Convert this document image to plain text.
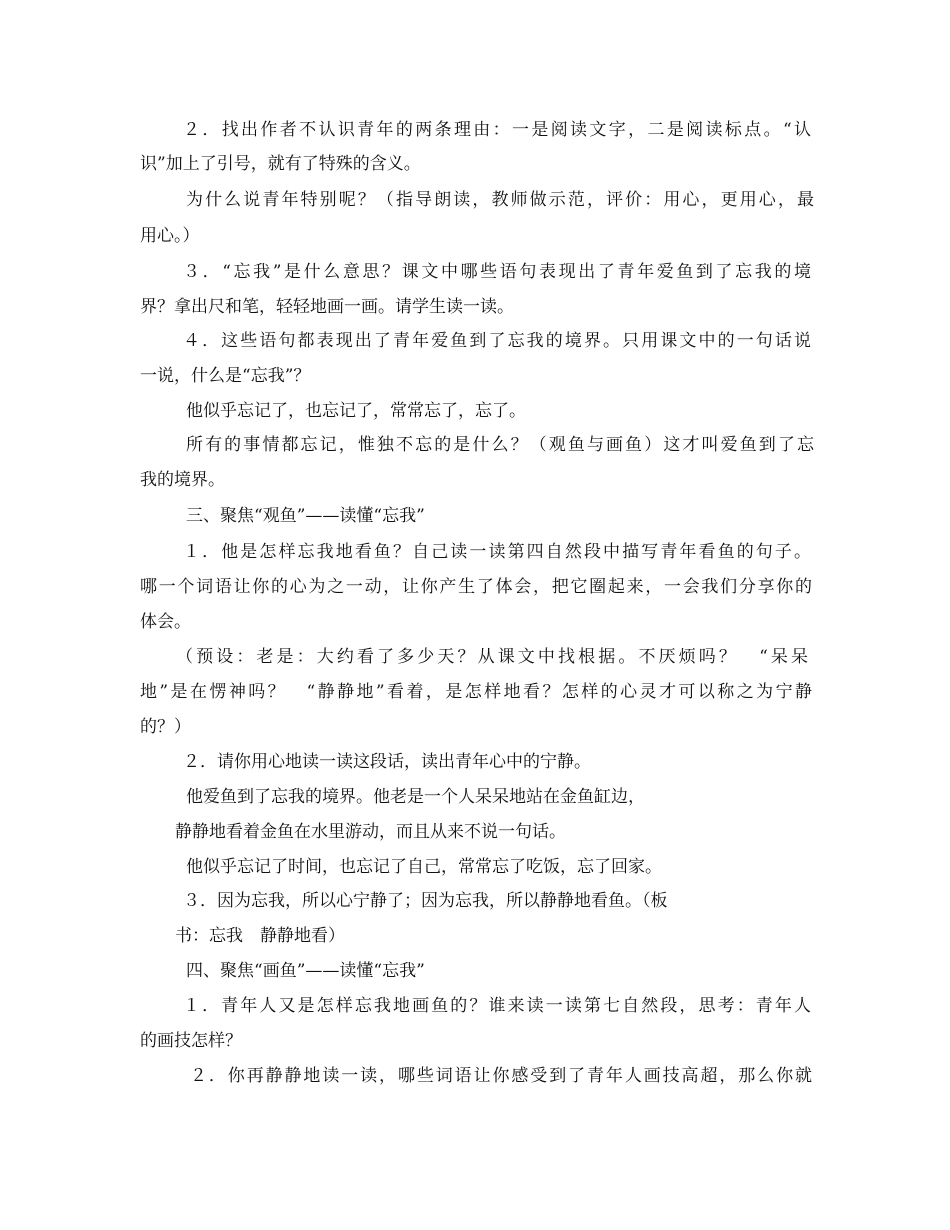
２．找出作者不认识青年的两条理由：一是阅读文字，二是阅读标点。“认
识”加上了引号，就有了特殊的含义。
为什么说青年特别呢？（指导朗读，教师做示范，评价：用心，更用心，最
用心。）
３．“忘我”是什么意思？课文中哪些语句表现出了青年爱鱼到了忘我的境
界？拿出尺和笔，轻轻地画一画。请学生读一读。
４．这些语句都表现出了青年爱鱼到了忘我的境界。只用课文中的一句话说
一说，什么是“忘我”？
他似乎忘记了，也忘记了，常常忘了，忘了。
所有的事情都忘记，惟独不忘的是什么？（观鱼与画鱼）这才叫爱鱼到了忘
我的境界。
三、聚焦“观鱼”——读懂“忘我”
１．他是怎样忘我地看鱼？自己读一读第四自然段中描写青年看鱼的句子。
哪一个词语让你的心为之一动，让你产生了体会，把它圈起来，一会我们分享你的
体会。
（预设：老是：大约看了多少天？从课文中找根据。不厌烦吗？　“呆呆
地”是在愣神吗？　“静静地”看着，是怎样地看？怎样的心灵才可以称之为宁静
的？）
２．请你用心地读一读这段话，读出青年心中的宁静。
他爱鱼到了忘我的境界。他老是一个人呆呆地站在金鱼缸边，
静静地看着金鱼在水里游动，而且从来不说一句话。
他似乎忘记了时间，也忘记了自己，常常忘了吃饭，忘了回家。
３．因为忘我，所以心宁静了；因为忘我，所以静静地看鱼。（板
书：忘我　静静地看）
四、聚焦“画鱼”——读懂“忘我”
１．青年人又是怎样忘我地画鱼的？谁来读一读第七自然段，思考：青年人
的画技怎样？
２．你再静静地读一读，哪些词语让你感受到了青年人画技高超，那么你就
